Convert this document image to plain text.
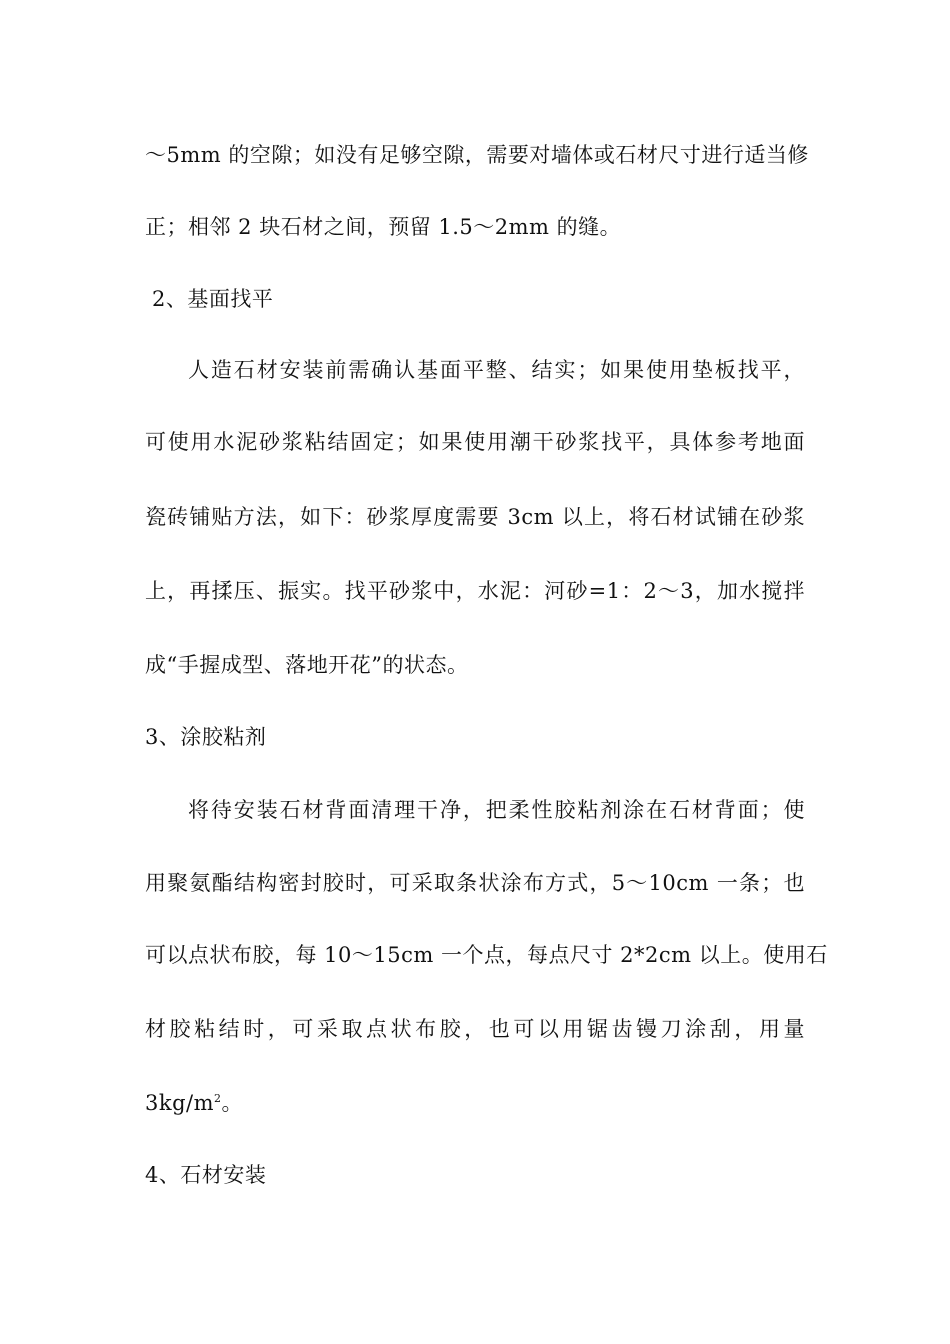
～5mm 的空隙；如没有足够空隙，需要对墙体或石材尺寸进行适当修
正；相邻 2 块石材之间，预留 1.5～2mm 的缝。
2、基面找平
人造石材安装前需确认基面平整、结实；如果使用垫板找平，
可使用水泥砂浆粘结固定；如果使用潮干砂浆找平，具体参考地面
瓷砖铺贴方法，如下：砂浆厚度需要 3cm 以上，将石材试铺在砂浆
上，再揉压、振实。找平砂浆中，水泥：河砂=1：2～3，加水搅拌
成“手握成型、落地开花”的状态。
3、涂胶粘剂
将待安装石材背面清理干净，把柔性胶粘剂涂在石材背面；使
用聚氨酯结构密封胶时，可采取条状涂布方式，5～10cm 一条；也
可以点状布胶，每 10～15cm 一个点，每点尺寸 2*2cm 以上。使用石
材胶粘结时，可采取点状布胶，也可以用锯齿镘刀涂刮，用量
$3kg/m^2$。
4、石材安装
